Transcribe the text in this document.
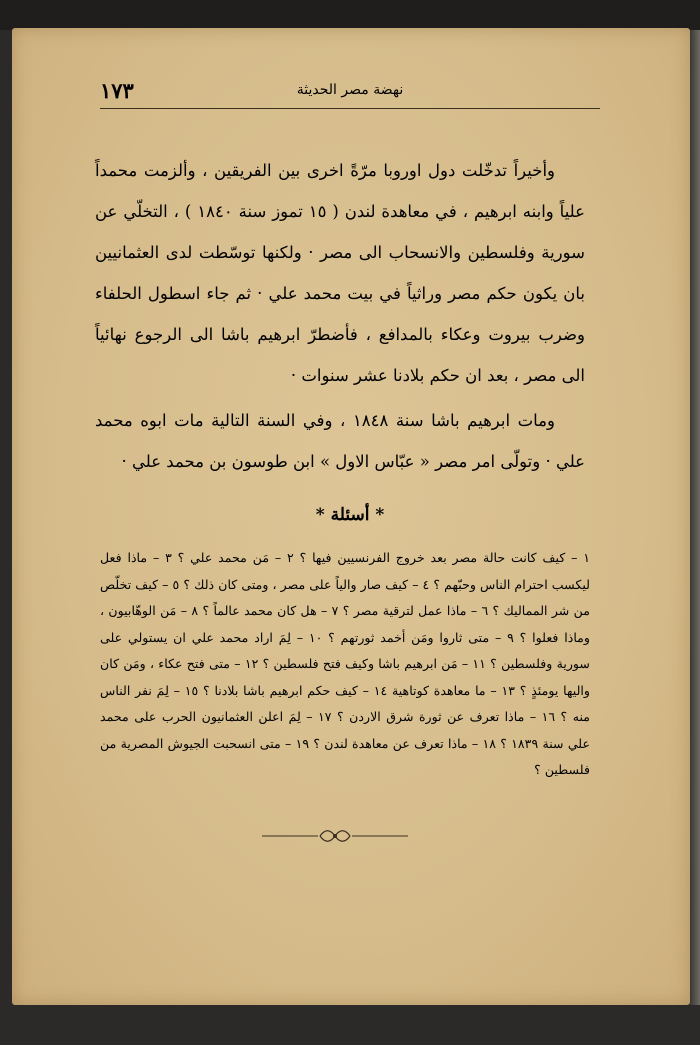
نهضة مصر الحديثة
١٧٣

وأخيراً تدخّلت دول اوروبا مرّةً اخرى بين الفريقين ، وألزمت محمداً علياً وابنه ابرهيم ، في معاهدة لندن ( ١٥ تموز سنة ١٨٤٠ ) ، التخلّي عن سورية وفلسطين والانسحاب الى مصر · ولكنها توسّطت لدى العثمانيين بان يكون حكم مصر وراثياً في بيت محمد علي · ثم جاء اسطول الحلفاء وضرب بيروت وعكاء بالمدافع ، فأضطرّ ابرهيم باشا الى الرجوع نهائياً الى مصر ، بعد ان حكم بلادنا عشر سنوات ·

ومات ابرهيم باشا سنة ١٨٤٨ ، وفي السنة التالية مات ابوه محمد علي · وتولّى امر مصر « عبّاس الاول » ابن طوسون بن محمد علي ·

* أسئلة *
١ – كيف كانت حالة مصر بعد خروج الفرنسيين فيها ؟ ٢ – مَن محمد علي ؟ ٣ – ماذا فعل ليكسب احترام الناس وحبّهم ؟ ٤ – كيف صار والياً على مصر ، ومتى كان ذلك ؟ ٥ – كيف تخلّص من شر المماليك ؟ ٦ – ماذا عمل لترقية مصر ؟ ٧ – هل كان محمد عالماً ؟ ٨ – مَن الوهّابيون ، وماذا فعلوا ؟ ٩ – متى ثاروا ومَن أخمد ثورتهم ؟ ١٠ – لِمَ اراد محمد علي ان يستولي على سورية وفلسطين ؟ ١١ – مَن ابرهيم باشا وكيف فتح فلسطين ؟ ١٢ – متى فتح عكاء ، ومَن كان واليها يومئذٍ ؟ ١٣ – ما معاهدة كوتاهية ١٤ – كيف حكم ابرهيم باشا بلادنا ؟ ١٥ – لِمَ نفر الناس منه ؟ ١٦ – ماذا تعرف عن ثورة شرق الاردن ؟ ١٧ – لِمَ اعلن العثمانيون الحرب على محمد علي سنة ١٨٣٩ ؟ ١٨ – ماذا تعرف عن معاهدة لندن ؟ ١٩ – متى انسحبت الجيوش المصرية من فلسطين ؟
